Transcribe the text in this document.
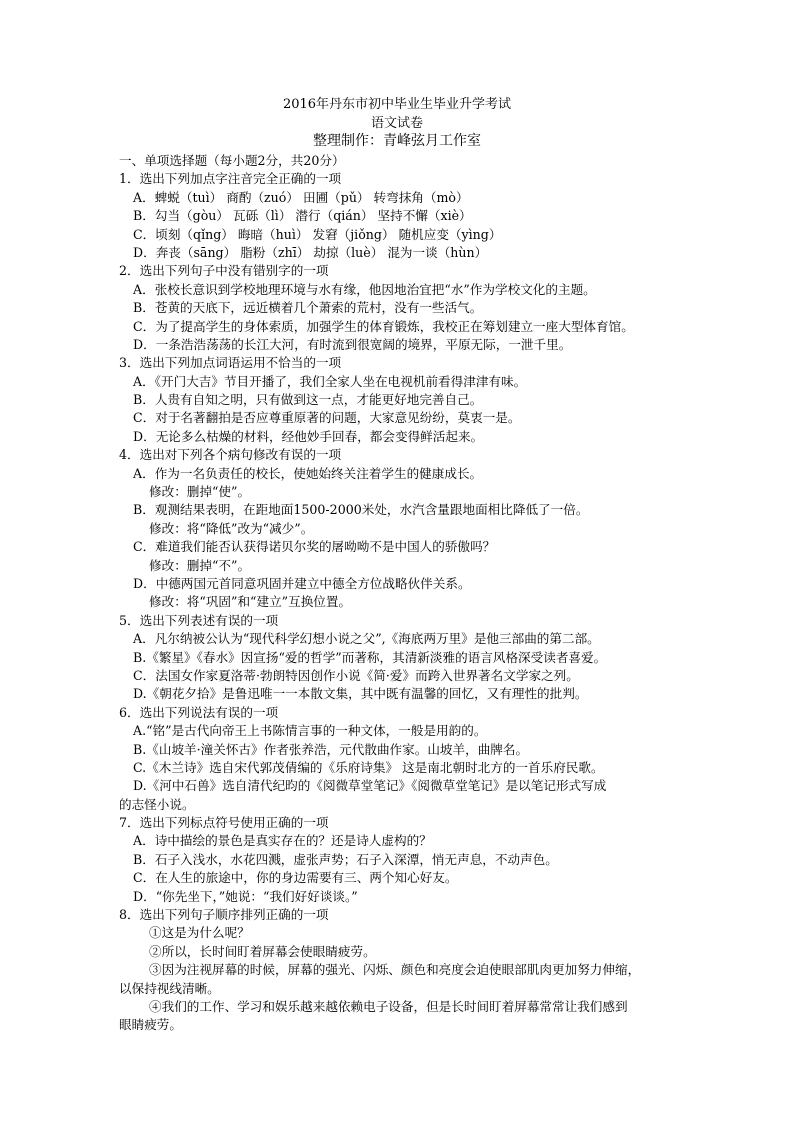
2016年丹东市初中毕业生毕业升学考试
语文试卷
整理制作：青峰弦月工作室
一、单项选择题（每小题2分，共20分）
1．选出下列加点字注音完全正确的一项
A．蜱蜕（tuì） 商酌（zuó） 田圃（pǔ） 转弯抹角（mò）
B．勾当（gòu） 瓦砾（lì） 潜行（qián） 坚持不懈（xiè）
C．顷刻（qǐng） 晦暗（huì） 发窘（jiǒng） 随机应变（yìng）
D．奔丧（sāng） 脂粉（zhī） 劫掠（luè） 混为一谈（hùn）
2．选出下列句子中没有错别字的一项
A．张校长意识到学校地理环境与水有缘，他因地治宜把“水”作为学校文化的主题。
B．苍黄的天底下，远近横着几个萧索的荒村，没有一些活气。
C．为了提高学生的身体索质，加强学生的体育锻炼，我校正在筹划建立一座大型体育馆。
D．一条浩浩荡荡的长江大河，有时流到很宽阔的境界，平原无际，一泄千里。
3．选出下列加点词语运用不恰当的一项
A．《开门大吉》节目开播了，我们全家人坐在电视机前看得津津有味。
B．人贵有自知之明，只有做到这一点，才能更好地完善自己。
C．对于名著翻拍是否应尊重原著的问题，大家意见纷纷，莫衷一是。
D．无论多么枯燥的材料，经他妙手回春，都会变得鲜活起来。
4．选出对下列各个病句修改有误的一项
A．作为一名负责任的校长，使她始终关注着学生的健康成长。
修改：删掉“使”。
B．观测结果表明，在距地面1500-2000米处，水汽含量跟地面相比降低了一倍。
修改：将“降低”改为“减少”。
C．难道我们能否认获得诺贝尔奖的屠呦呦不是中国人的骄傲吗？
修改：删掉“不”。
D．中德两国元首同意巩固并建立中德全方位战略伙伴关系。
修改：将“巩固”和“建立”互换位置。
5．选出下列表述有误的一项
A．凡尔纳被公认为“现代科学幻想小说之父”,《海底两万里》是他三部曲的第二部。
B.《繁星》《春水》因宣扬“爱的哲学”而著称，其清新淡雅的语言风格深受读者喜爱。
C．法国女作家夏洛蒂·勃朗特因创作小说《简·爱》而跨入世界著名文学家之列。
D.《朝花夕拾》是鲁迅唯一一本散文集，其中既有温馨的回忆，又有理性的批判。
6．选出下列说法有误的一项
A.“铭”是古代向帝王上书陈情言事的一种文体，一般是用韵的。
B.《山坡羊·潼关怀古》作者张养浩，元代散曲作家。山坡羊，曲牌名。
C.《木兰诗》选自宋代郭茂倩编的《乐府诗集》 这是南北朝时北方的一首乐府民歌。
D.《河中石兽》选自清代纪昀的《阅微草堂笔记》《阅微草堂笔记》是以笔记形式写成
的志怪小说。
7．选出下列标点符号使用正确的一项
A．诗中描绘的景色是真实存在的？还是诗人虚构的？
B．石子入浅水，水花四溅，虚张声势；石子入深潭，悄无声息，不动声色。
C．在人生的旅途中，你的身边需要有三、两个知心好友。
D．“你先坐下，”她说：“我们好好谈谈。”
8．选出下列句子顺序排列正确的一项
①这是为什么呢？
②所以，长时间盯着屏幕会使眼睛疲劳。
③因为注视屏幕的时候，屏幕的强光、闪烁、颜色和亮度会迫使眼部肌肉更加努力伸缩，
以保持视线清晰。
④我们的工作、学习和娱乐越来越依赖电子设备，但是长时间盯着屏幕常常让我们感到
眼睛疲劳。
